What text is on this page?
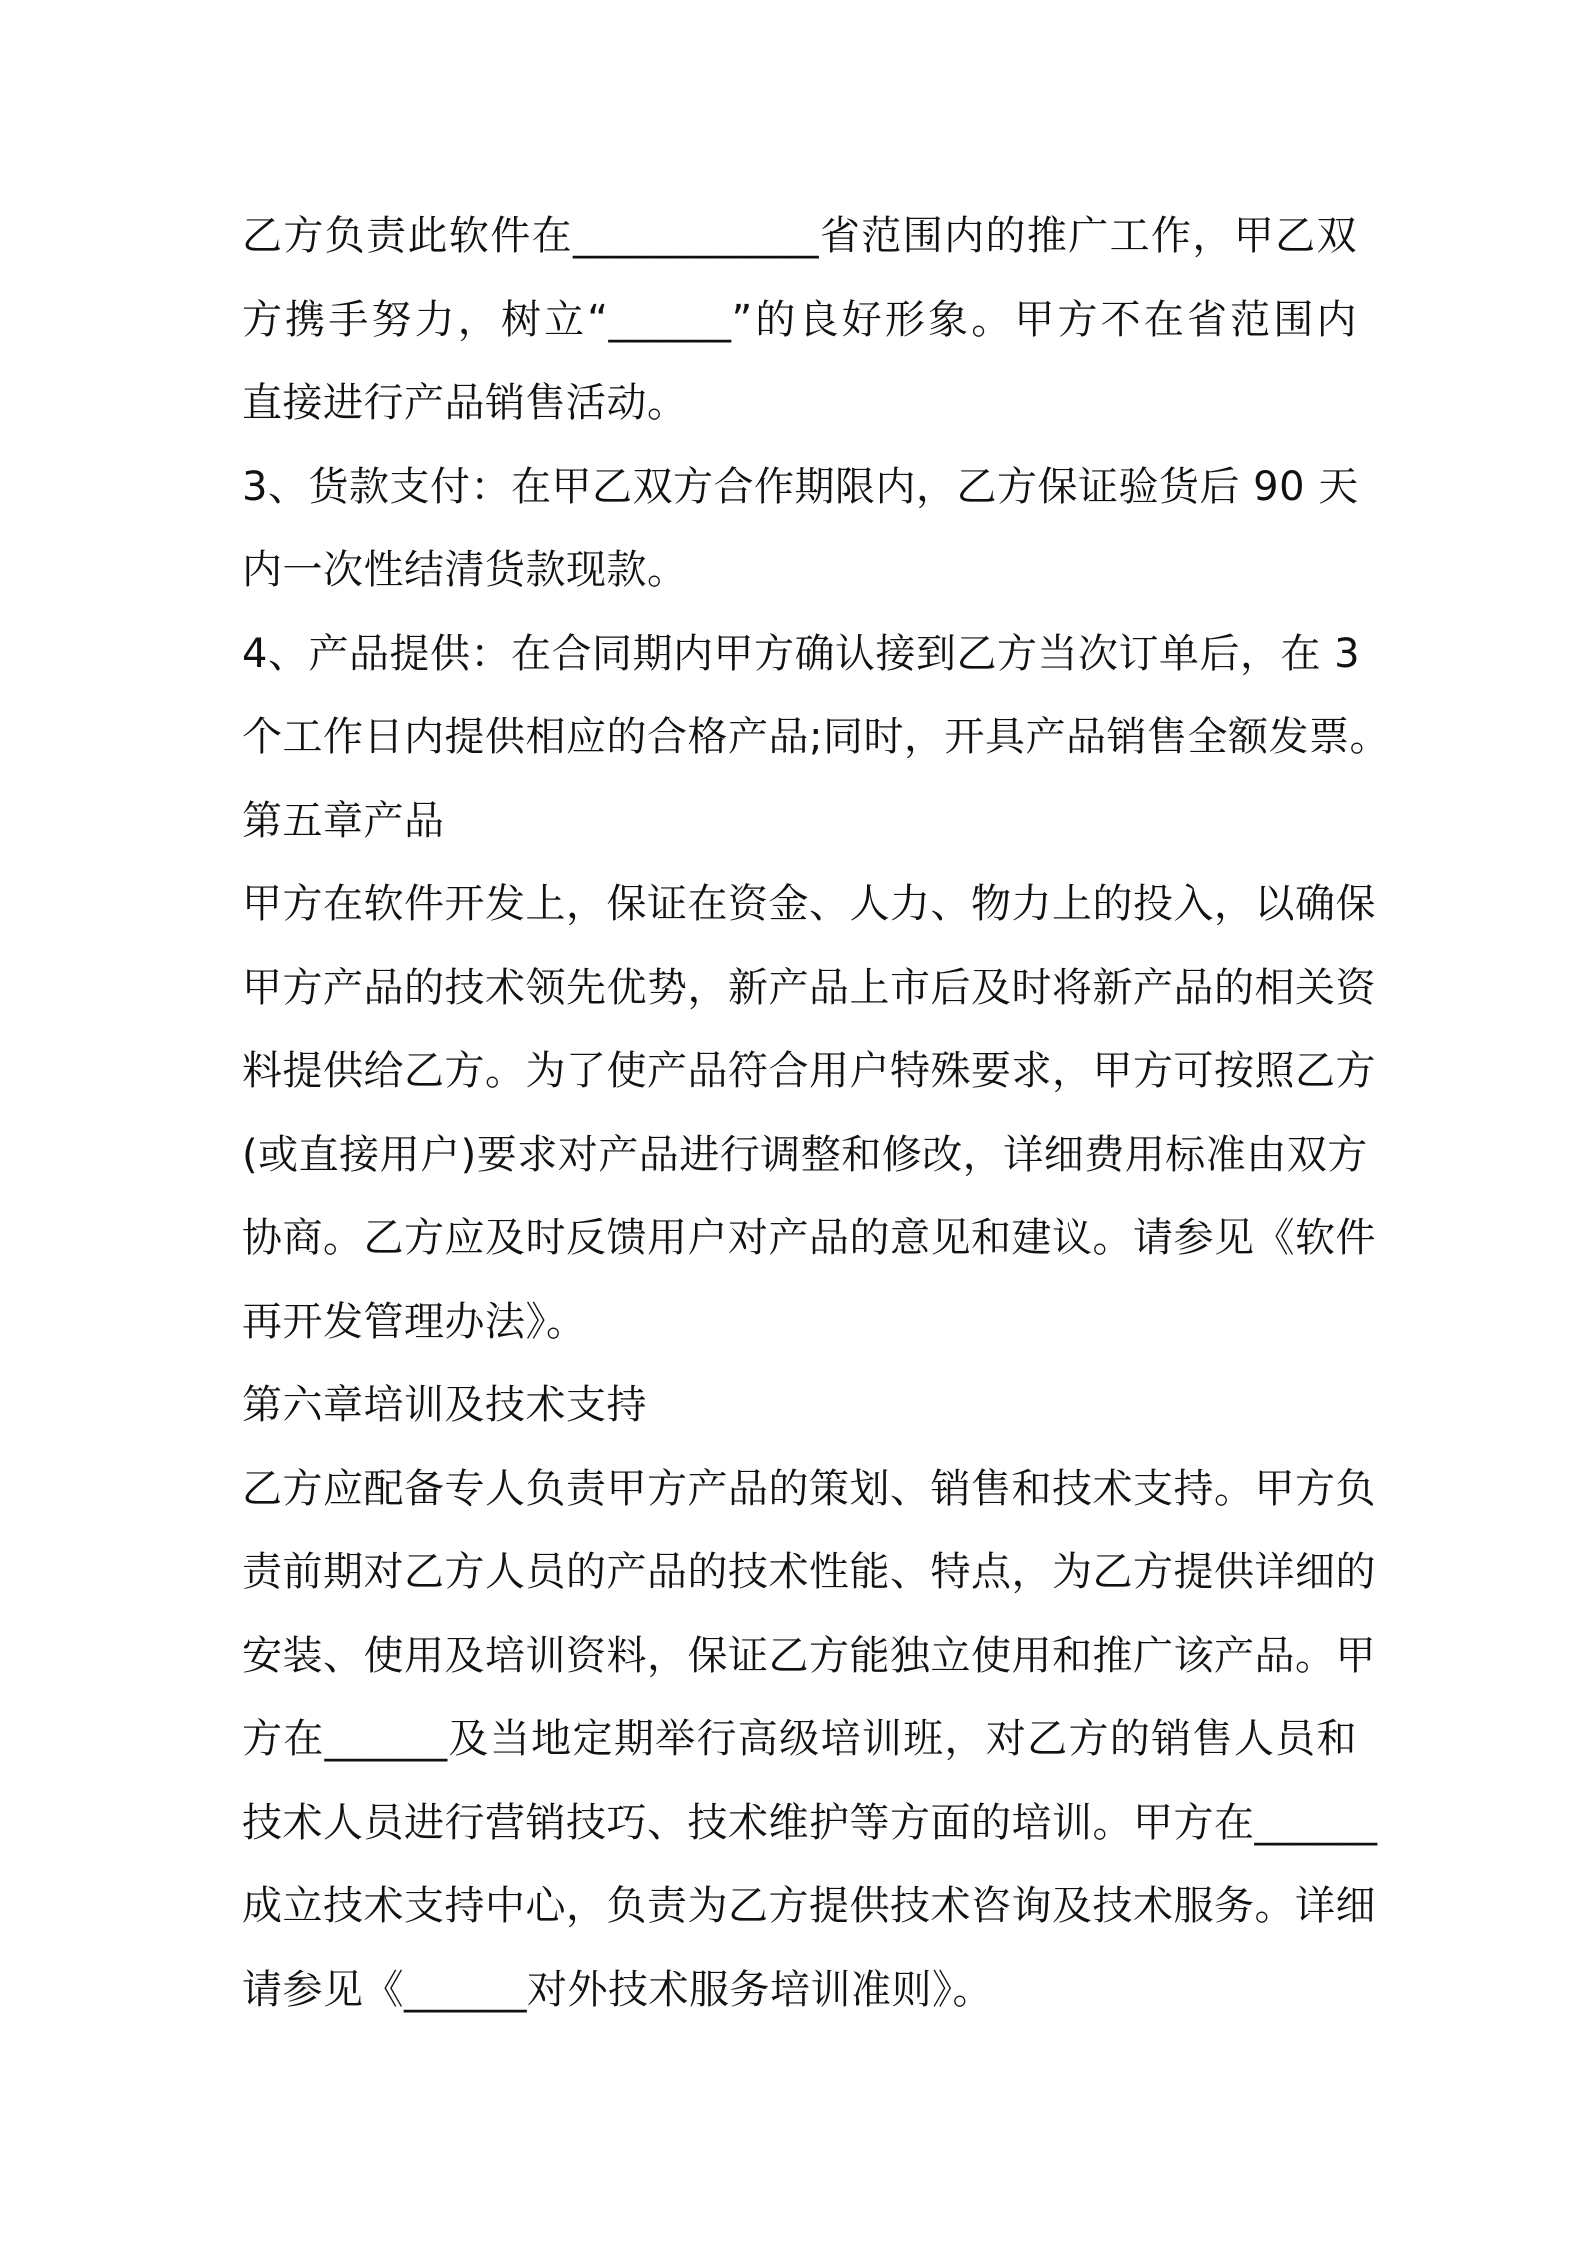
乙方负责此软件在____________省范围内的推广工作，甲乙双
方携手努力，树立“______”的良好形象。甲方不在省范围内
直接进行产品销售活动。
3、货款支付：在甲乙双方合作期限内，乙方保证验货后 90 天
内一次性结清货款现款。
4、产品提供：在合同期内甲方确认接到乙方当次订单后，在 3
个工作日内提供相应的合格产品;同时，开具产品销售全额发票。
第五章产品
甲方在软件开发上，保证在资金、人力、物力上的投入，以确保
甲方产品的技术领先优势，新产品上市后及时将新产品的相关资
料提供给乙方。为了使产品符合用户特殊要求，甲方可按照乙方
(或直接用户)要求对产品进行调整和修改，详细费用标准由双方
协商。乙方应及时反馈用户对产品的意见和建议。请参见《软件
再开发管理办法》。
第六章培训及技术支持
乙方应配备专人负责甲方产品的策划、销售和技术支持。甲方负
责前期对乙方人员的产品的技术性能、特点，为乙方提供详细的
安装、使用及培训资料，保证乙方能独立使用和推广该产品。甲
方在______及当地定期举行高级培训班，对乙方的销售人员和
技术人员进行营销技巧、技术维护等方面的培训。甲方在______
成立技术支持中心，负责为乙方提供技术咨询及技术服务。详细
请参见《______对外技术服务培训准则》。
